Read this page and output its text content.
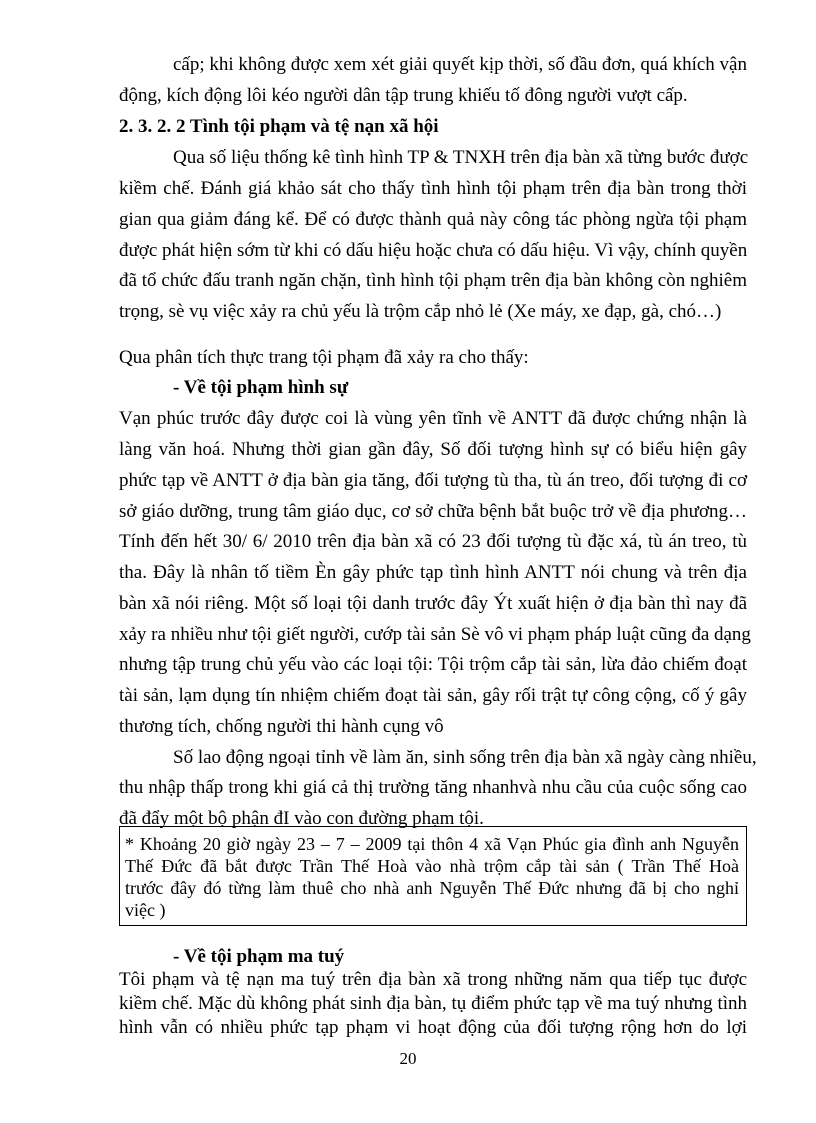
cấp; khi không được xem xét giải quyết kịp thời, số đầu đơn, quá khích vận
động, kích động lôi kéo người dân tập trung khiếu tố đông người vượt cấp.
2. 3. 2. 2 Tình tội phạm và tệ nạn xã hội
Qua số liệu thống kê tình hình TP & TNXH trên địa bàn xã từng bước được
kiềm chế. Đánh giá khảo sát cho thấy tình hình tội phạm trên địa bàn trong thời
gian qua giảm đáng kể. Để có được thành quả này công tác phòng ngừa tội phạm
được phát hiện sớm từ khi có dấu hiệu hoặc chưa có dấu hiệu. Vì vậy, chính quyền
đã tổ chức đấu tranh ngăn chặn, tình hình tội phạm trên địa bàn không còn nghiêm
trọng, sè vụ việc xảy ra chủ yếu là trộm cắp nhỏ lẻ (Xe máy, xe đạp, gà, chó…)
Qua phân tích thực trang tội phạm đã xảy ra cho thấy:
- Về tội phạm hình sự
Vạn phúc trước đây được coi là vùng yên tĩnh về ANTT đã được chứng nhận là
làng văn hoá. Nhưng thời gian gần đây, Số đối tượng hình sự có biểu hiện gây
phức tạp về ANTT ở địa bàn gia tăng, đối tượng tù tha, tù án treo, đối tượng đi cơ
sở giáo dưỡng, trung tâm giáo dục, cơ sở chữa bệnh bắt buộc trở về địa phương…
Tính đến hết 30/ 6/ 2010 trên địa bàn xã có 23 đối tượng tù đặc xá, tù án treo, tù
tha. Đây là nhân tố tiềm Èn gây phức tạp tình hình ANTT nói chung và trên địa
bàn xã nói riêng. Một số loại tội danh trước đây Ýt xuất hiện ở địa bàn thì nay đã
xảy ra nhiều như tội giết người, cướp tài sản Sè vô vi phạm pháp luật cũng đa dạng
nhưng tập trung chủ yếu vào các loại tội: Tội trộm cắp tài sản, lừa đảo chiếm đoạt
tài sản, lạm dụng tín nhiệm chiếm đoạt tài sản, gây rối trật tự công cộng, cố ý gây
thương tích, chống người thi hành cụng vô
Số lao động ngoại tỉnh về làm ăn, sinh sống trên địa bàn xã ngày càng nhiều,
thu nhập thấp trong khi giá cả thị trường tăng nhanhvà nhu cầu của cuộc sống cao
đã đẩy một bộ phận đI vào con đường phạm tội.
* Khoảng 20 giờ ngày 23 – 7 – 2009 tại thôn 4 xã Vạn Phúc gia đình anh Nguyễn
Thế Đức đã bắt được Trần Thế Hoà vào nhà trộm cắp tài sản ( Trần Thế Hoà
trước đây đó từng làm thuê cho nhà anh Nguyễn Thế Đức nhưng đã bị cho nghỉ
việc )
- Về tội phạm ma tuý
Tôi phạm và tệ nạn ma tuý trên địa bàn xã trong những năm qua tiếp tục được
kiềm chế. Mặc dù không phát sinh địa bàn, tụ điểm phức tạp về ma tuý nhưng tình
hình vẫn có nhiều phức tạp phạm vi hoạt động của đối tượng rộng hơn do lợi
20
